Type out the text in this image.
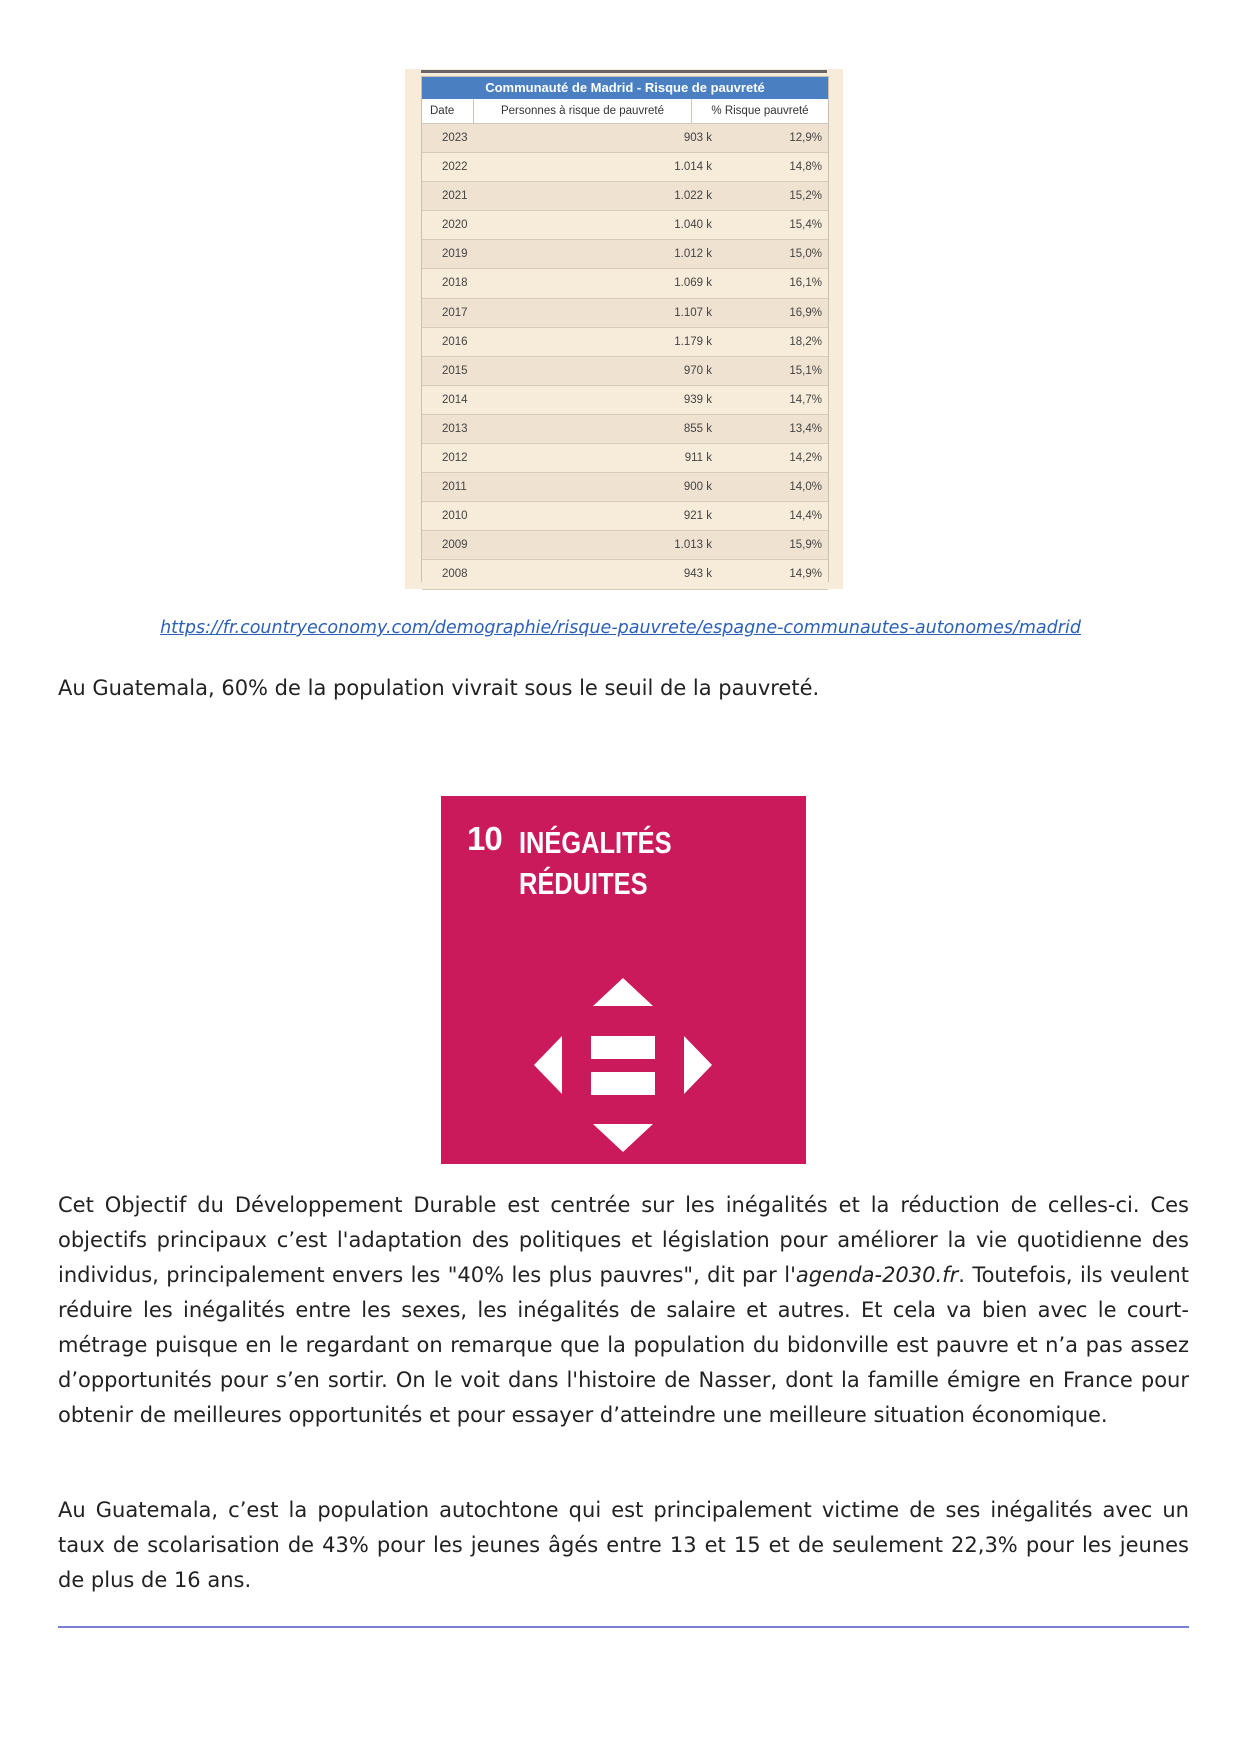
Communauté de Madrid - Risque de pauvreté
Date	Personnes à risque de pauvreté	% Risque pauvreté
2023	903 k	12,9%
2022	1.014 k	14,8%
2021	1.022 k	15,2%
2020	1.040 k	15,4%
2019	1.012 k	15,0%
2018	1.069 k	16,1%
2017	1.107 k	16,9%
2016	1.179 k	18,2%
2015	970 k	15,1%
2014	939 k	14,7%
2013	855 k	13,4%
2012	911 k	14,2%
2011	900 k	14,0%
2010	921 k	14,4%
2009	1.013 k	15,9%
2008	943 k	14,9%
https://fr.countryeconomy.com/demographie/risque-pauvrete/espagne-communautes-autonomes/madrid
Au Guatemala, 60% de la population vivrait sous le seuil de la pauvreté.
10 INÉGALITÉS
RÉDUITES
Cet Objectif du Développement Durable est centrée sur les inégalités et la réduction de celles-ci. Ces objectifs principaux c’est l'adaptation des politiques et législation pour améliorer la vie quotidienne des individus, principalement envers les "40% les plus pauvres", dit par l'agenda-2030.fr. Toutefois, ils veulent réduire les inégalités entre les sexes, les inégalités de salaire et autres. Et cela va bien avec le court-métrage puisque en le regardant on remarque que la population du bidonville est pauvre et n’a pas assez d’opportunités pour s’en sortir. On le voit dans l'histoire de Nasser, dont la famille émigre en France pour obtenir de meilleures opportunités et pour essayer d’atteindre une meilleure situation économique.
Au Guatemala, c’est la population autochtone qui est principalement victime de ses inégalités avec un taux de scolarisation de 43% pour les jeunes âgés entre 13 et 15 et de seulement 22,3% pour les jeunes de plus de 16 ans.
